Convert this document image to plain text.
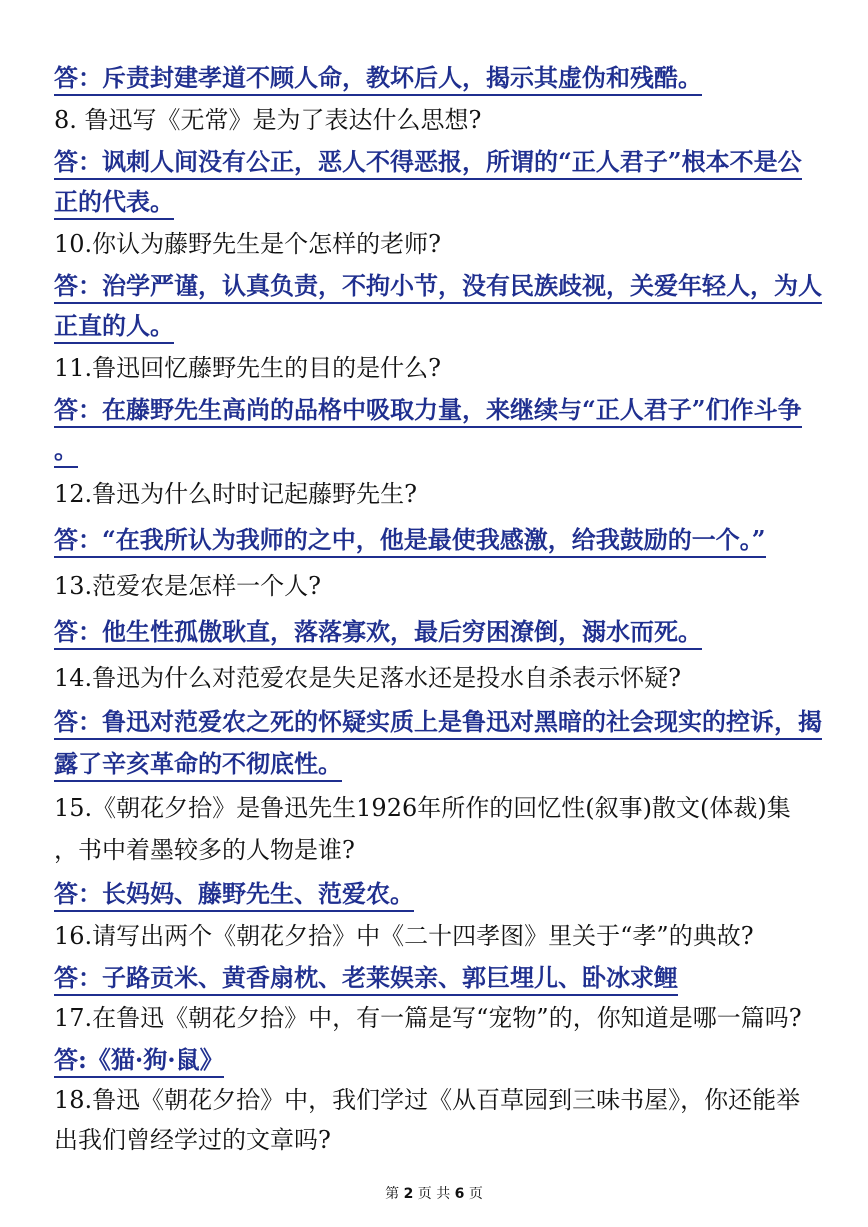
答：斥责封建孝道不顾人命，教坏后人，揭示其虚伪和残酷。
8. 鲁迅写《无常》是为了表达什么思想?
答：讽刺人间没有公正，恶人不得恶报，所谓的“正人君子”根本不是公
正的代表。
10.你认为藤野先生是个怎样的老师?
答：治学严谨，认真负责，不拘小节，没有民族歧视，关爱年轻人，为人
正直的人。
11.鲁迅回忆藤野先生的目的是什么?
答：在藤野先生高尚的品格中吸取力量，来继续与“正人君子”们作斗争
。
12.鲁迅为什么时时记起藤野先生?
答：“在我所认为我师的之中，他是最使我感激，给我鼓励的一个。”
13.范爱农是怎样一个人?
答：他生性孤傲耿直，落落寡欢，最后穷困潦倒，溺水而死。
14.鲁迅为什么对范爱农是失足落水还是投水自杀表示怀疑?
答：鲁迅对范爱农之死的怀疑实质上是鲁迅对黑暗的社会现实的控诉，揭
露了辛亥革命的不彻底性。
15.《朝花夕拾》是鲁迅先生1926年所作的回忆性(叙事)散文(体裁)集
，书中着墨较多的人物是谁?
答：长妈妈、藤野先生、范爱农。
16.请写出两个《朝花夕拾》中《二十四孝图》里关于“孝”的典故?
答：子路贡米、黄香扇枕、老莱娱亲、郭巨埋儿、卧冰求鲤
17.在鲁迅《朝花夕拾》中，有一篇是写“宠物”的，你知道是哪一篇吗?
答:《猫·狗·鼠》
18.鲁迅《朝花夕拾》中，我们学过《从百草园到三味书屋》，你还能举
出我们曾经学过的文章吗?
第 2 页 共 6 页
